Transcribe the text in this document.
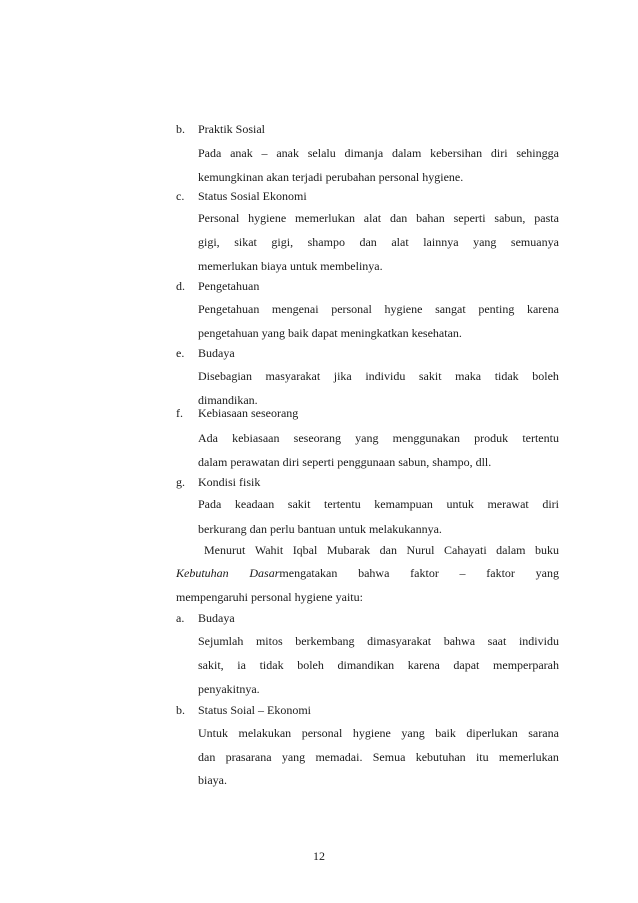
b. Praktik Sosial
Pada anak – anak selalu dimanja dalam kebersihan diri sehingga
kemungkinan akan terjadi perubahan personal hygiene.
c. Status Sosial Ekonomi
Personal hygiene memerlukan alat dan bahan seperti sabun, pasta
gigi, sikat gigi, shampo dan alat lainnya yang semuanya
memerlukan biaya untuk membelinya.
d. Pengetahuan
Pengetahuan mengenai personal hygiene sangat penting karena
pengetahuan yang baik dapat meningkatkan kesehatan.
e. Budaya
Disebagian masyarakat jika individu sakit maka tidak boleh
dimandikan.
f. Kebiasaan seseorang
Ada kebiasaan seseorang yang menggunakan produk tertentu
dalam perawatan diri seperti penggunaan sabun, shampo, dll.
g. Kondisi fisik
Pada keadaan sakit tertentu kemampuan untuk merawat diri
berkurang dan perlu bantuan untuk melakukannya.
Menurut Wahit Iqbal Mubarak dan Nurul Cahayati dalam buku
Kebutuhan Dasarmengatakan bahwa faktor – faktor yang
mempengaruhi personal hygiene yaitu:
a. Budaya
Sejumlah mitos berkembang dimasyarakat bahwa saat individu
sakit, ia tidak boleh dimandikan karena dapat memperparah
penyakitnya.
b. Status Soial – Ekonomi
Untuk melakukan personal hygiene yang baik diperlukan sarana
dan prasarana yang memadai. Semua kebutuhan itu memerlukan
biaya.
12
